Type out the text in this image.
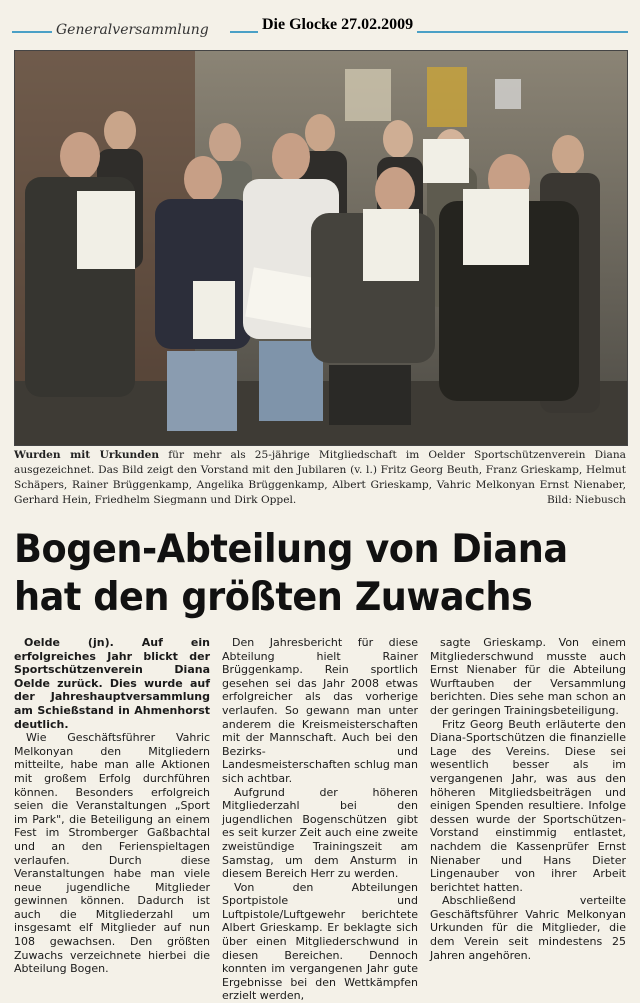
Generalversammlung	Die Glocke 27.02.2009
Wurden mit Urkunden für mehr als 25-jährige Mitgliedschaft im Oelder Sportschützenverein Diana ausgezeichnet. Das Bild zeigt den Vorstand mit den Jubilaren (v. l.) Fritz Georg Beuth, Franz Grieskamp, Helmut Schäpers, Rainer Brüggenkamp, Angelika Brüggenkamp, Albert Grieskamp, Vahric Melkonyan Ernst Nienaber, Gerhard Hein, Friedhelm Siegmann und Dirk Oppel.	Bild: Niebusch
Bogen-Abteilung von Diana
hat den größten Zuwachs

Oelde (jn). Auf ein erfolgreiches Jahr blickt der Sportschützenverein Diana Oelde zurück. Dies wurde auf der Jahreshauptversammlung am Schießstand in Ahmenhorst deutlich.

Wie Geschäftsführer Vahric Melkonyan den Mitgliedern mitteilte, habe man alle Aktionen mit großem Erfolg durchführen können. Besonders erfolgreich seien die Veranstaltungen „Sport im Park", die Beteiligung an einem Fest im Stromberger Gaßbachtal und an den Ferienspieltagen verlaufen. Durch diese Veranstaltungen habe man viele neue jugendliche Mitglieder gewinnen können. Dadurch ist auch die Mitgliederzahl um insgesamt elf Mitglieder auf nun 108 gewachsen. Den größten Zuwachs verzeichnete hierbei die Abteilung Bogen.

Den Jahresbericht für diese Abteilung hielt Rainer Brüggenkamp. Rein sportlich gesehen sei das Jahr 2008 etwas erfolgreicher als das vorherige verlaufen. So gewann man unter anderem die Kreismeisterschaften mit der Mannschaft. Auch bei den Bezirks- und Landesmeisterschaften schlug man sich achtbar.

Aufgrund der höheren Mitgliederzahl bei den jugendlichen Bogenschützen gibt es seit kurzer Zeit auch eine zweite zweistündige Trainingszeit am Samstag, um dem Ansturm in diesem Bereich Herr zu werden.

Von den Abteilungen Sportpistole und Luftpistole/Luftgewehr berichtete Albert Grieskamp. Er beklagte sich über einen Mitgliederschwund in diesen Bereichen. Dennoch konnten im vergangenen Jahr gute Ergebnisse bei den Wettkämpfen erzielt werden,

sagte Grieskamp. Von einem Mitgliederschwund musste auch Ernst Nienaber für die Abteilung Wurftauben der Versammlung berichten. Dies sehe man schon an der geringen Trainingsbeteiligung.

Fritz Georg Beuth erläuterte den Diana-Sportschützen die finanzielle Lage des Vereins. Diese sei wesentlich besser als im vergangenen Jahr, was aus den höheren Mitgliedsbeiträgen und einigen Spenden resultiere. Infolge dessen wurde der Sportschützen-Vorstand einstimmig entlastet, nachdem die Kassenprüfer Ernst Nienaber und Hans Dieter Lingenauber von ihrer Arbeit berichtet hatten.

Abschließend verteilte Geschäftsführer Vahric Melkonyan Urkunden für die Mitglieder, die dem Verein seit mindestens 25 Jahren angehören.
